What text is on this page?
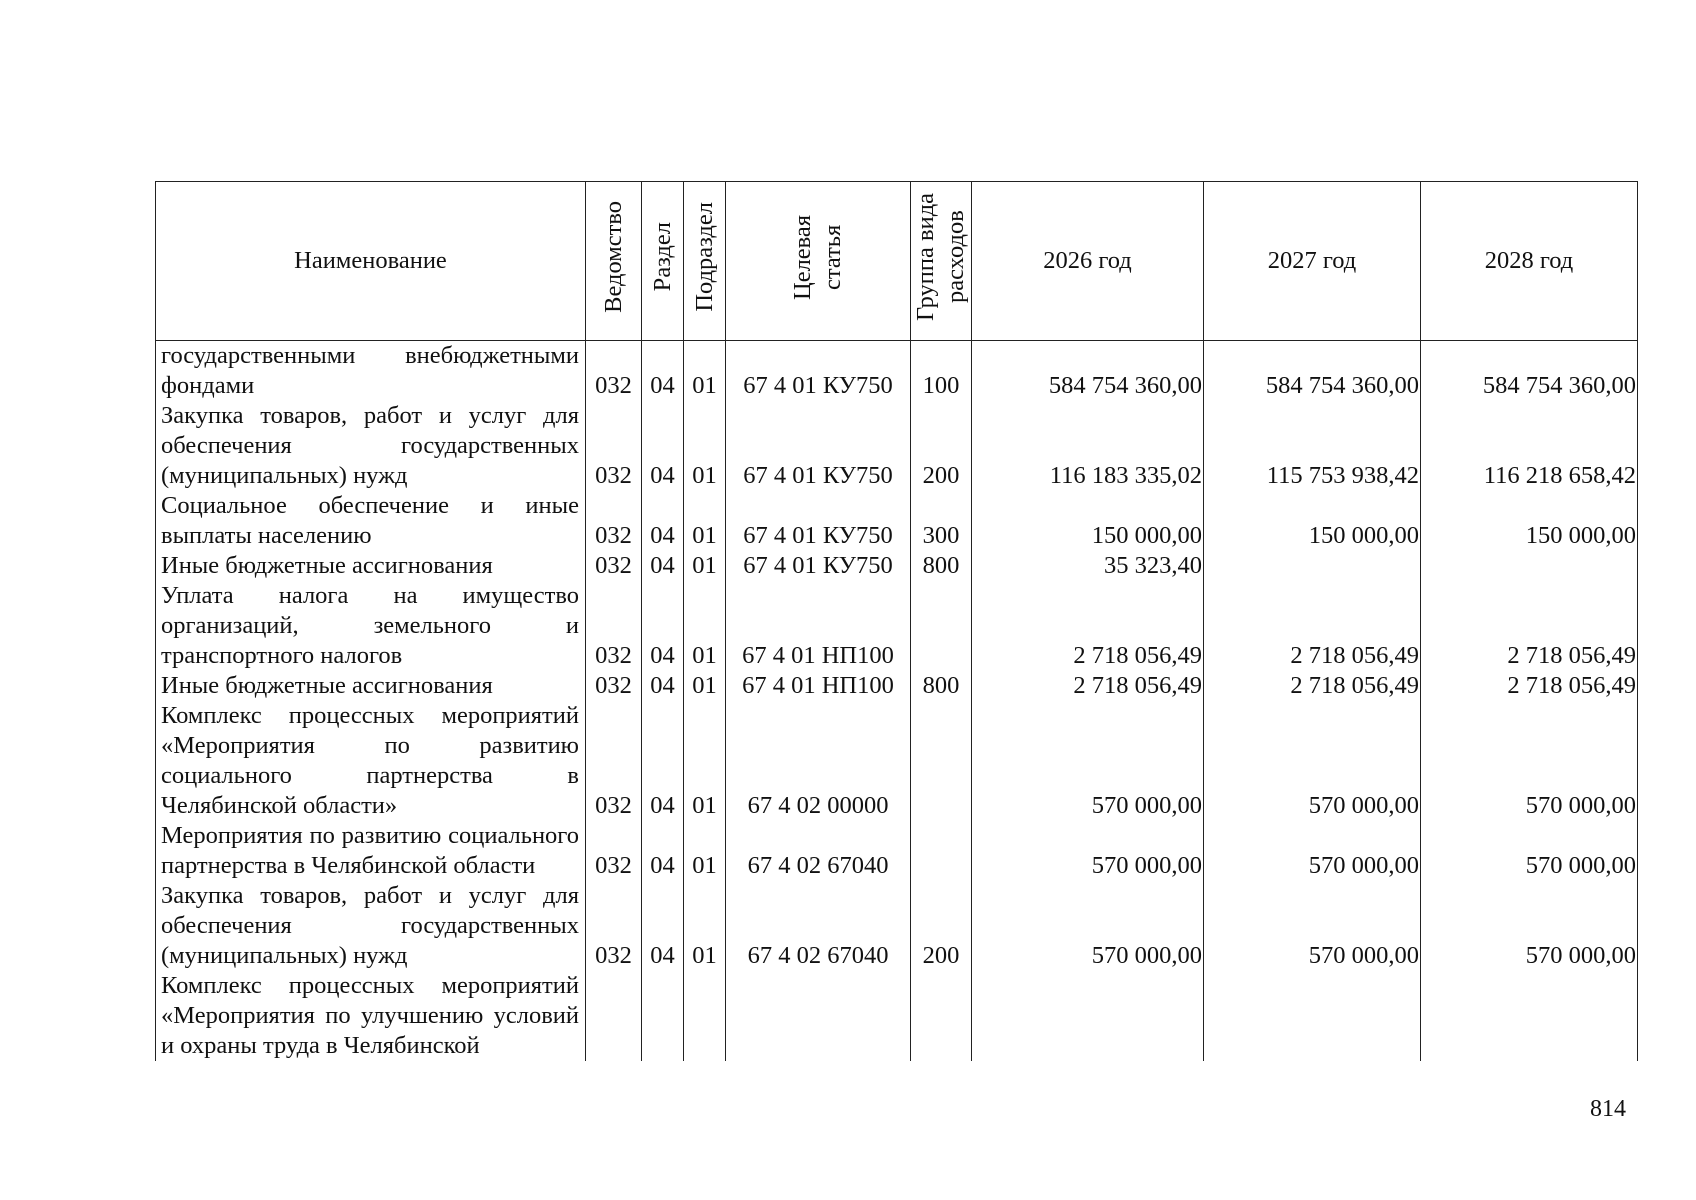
Наименование	Ведомство	Раздел	Подраздел	Целевая статья	Группа вида расходов	2026 год	2027 год	2028 год
государственными внебюджетными фондами	032	04	01	67 4 01 КУ750	100	584 754 360,00	584 754 360,00	584 754 360,00
Закупка товаров, работ и услуг для обеспечения государственных (муниципальных) нужд	032	04	01	67 4 01 КУ750	200	116 183 335,02	115 753 938,42	116 218 658,42
Социальное обеспечение и иные выплаты населению	032	04	01	67 4 01 КУ750	300	150 000,00	150 000,00	150 000,00
Иные бюджетные ассигнования	032	04	01	67 4 01 КУ750	800	35 323,40		
Уплата налога на имущество организаций, земельного и транспортного налогов	032	04	01	67 4 01 НП100		2 718 056,49	2 718 056,49	2 718 056,49
Иные бюджетные ассигнования	032	04	01	67 4 01 НП100	800	2 718 056,49	2 718 056,49	2 718 056,49
Комплекс процессных мероприятий «Мероприятия по развитию социального партнерства в Челябинской области»	032	04	01	67 4 02 00000		570 000,00	570 000,00	570 000,00
Мероприятия по развитию социального партнерства в Челябинской области	032	04	01	67 4 02 67040		570 000,00	570 000,00	570 000,00
Закупка товаров, работ и услуг для обеспечения государственных (муниципальных) нужд	032	04	01	67 4 02 67040	200	570 000,00	570 000,00	570 000,00
Комплекс процессных мероприятий «Мероприятия по улучшению условий и охраны труда в Челябинской								
814
